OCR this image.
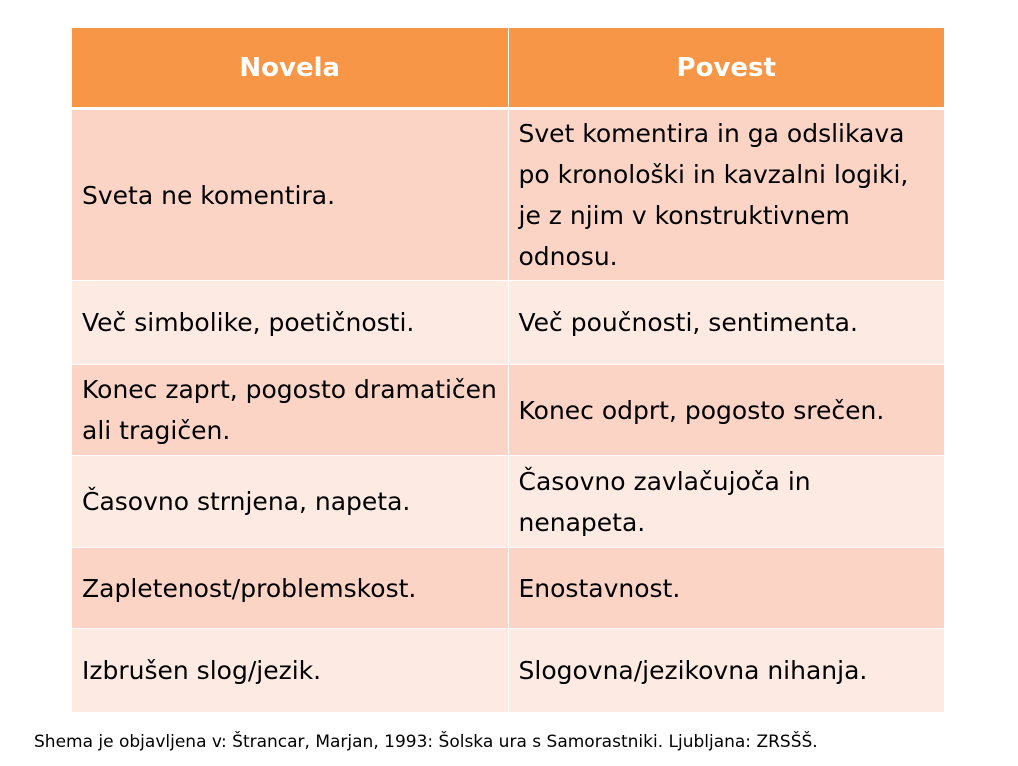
Novela	Povest
Sveta ne komentira.	Svet komentira in ga odslikava po kronološki in kavzalni logiki, je z njim v konstruktivnem odnosu.
Več simbolike, poetičnosti.	Več poučnosti, sentimenta.
Konec zaprt, pogosto dramatičen ali tragičen.	Konec odprt, pogosto srečen.
Časovno strnjena, napeta.	Časovno zavlačujoča in nenapeta.
Zapletenost/problemskost.	Enostavnost.
Izbrušen slog/jezik.	Slogovna/jezikovna nihanja.
Shema je objavljena v: Štrancar, Marjan, 1993: Šolska ura s Samorastniki. Ljubljana: ZRSŠŠ.
